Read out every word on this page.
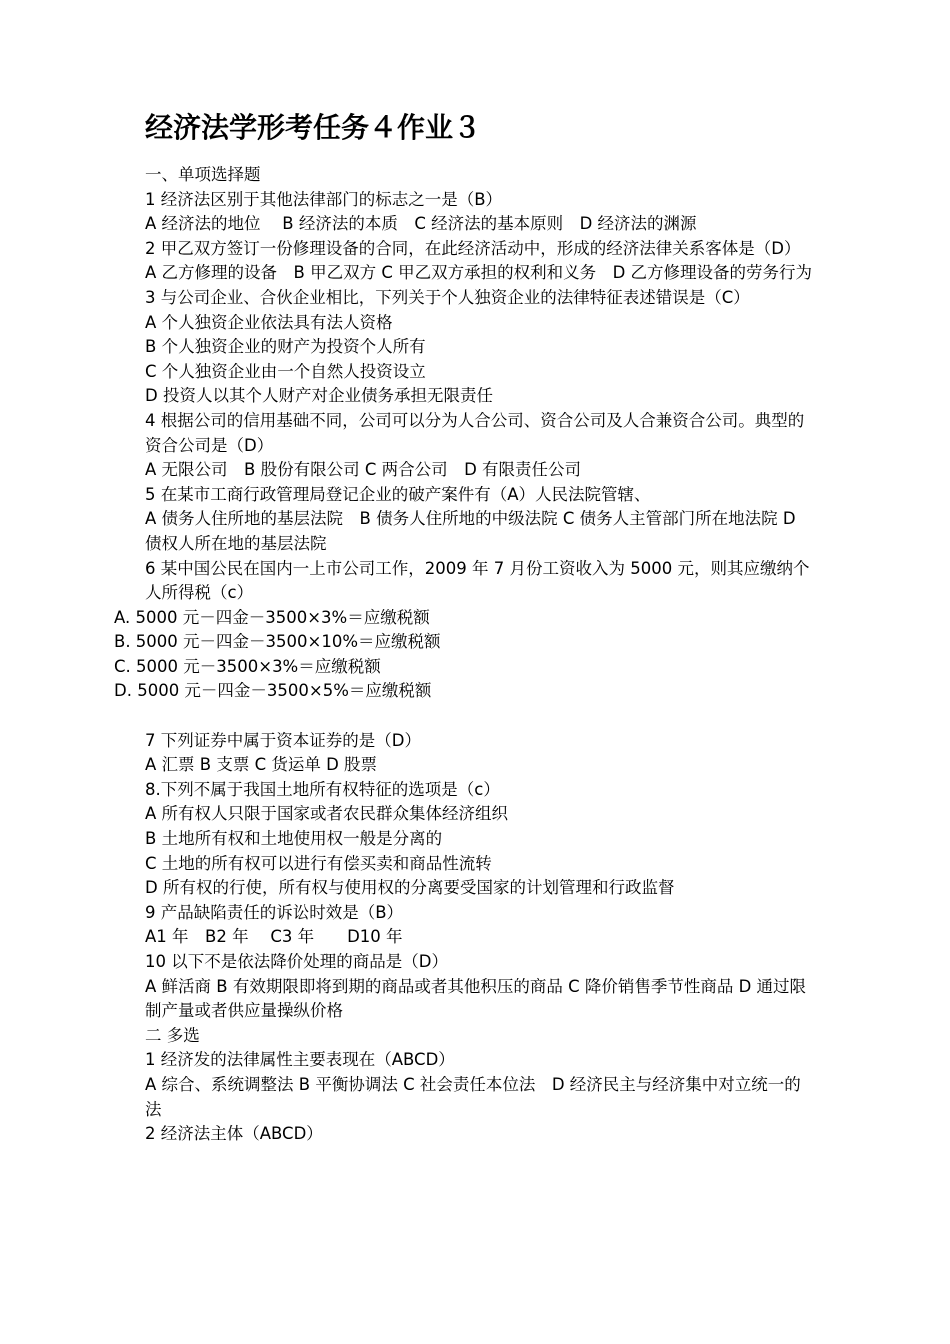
经济法学形考任务４作业３
一、单项选择题
1 经济法区别于其他法律部门的标志之一是（B）
A 经济法的地位　 B 经济法的本质　C 经济法的基本原则　D 经济法的渊源
2 甲乙双方签订一份修理设备的合同，在此经济活动中，形成的经济法律关系客体是（D）
A 乙方修理的设备　B 甲乙双方 C 甲乙双方承担的权利和义务　D 乙方修理设备的劳务行为
3 与公司企业、合伙企业相比，下列关于个人独资企业的法律特征表述错误是（C）
A 个人独资企业依法具有法人资格
B 个人独资企业的财产为投资个人所有
C 个人独资企业由一个自然人投资设立
D 投资人以其个人财产对企业债务承担无限责任
4 根据公司的信用基础不同，公司可以分为人合公司、资合公司及人合兼资合公司。典型的资合公司是（D）
A 无限公司　B 股份有限公司 C 两合公司　D 有限责任公司
5 在某市工商行政管理局登记企业的破产案件有（A）人民法院管辖、
A 债务人住所地的基层法院　B 债务人住所地的中级法院 C 债务人主管部门所在地法院 D 债权人所在地的基层法院
6 某中国公民在国内一上市公司工作，2009 年 7 月份工资收入为 5000 元，则其应缴纳个人所得税（c）
A. 5000 元－四金－3500×3%＝应缴税额
B. 5000 元－四金－3500×10%＝应缴税额
C. 5000 元－3500×3%＝应缴税额
D. 5000 元－四金－3500×5%＝应缴税额
7 下列证券中属于资本证券的是（D）
A 汇票 B 支票 C 货运单 D 股票
8.下列不属于我国土地所有权特征的选项是（c）
A 所有权人只限于国家或者农民群众集体经济组织
B 土地所有权和土地使用权一般是分离的
C 土地的所有权可以进行有偿买卖和商品性流转
D 所有权的行使，所有权与使用权的分离要受国家的计划管理和行政监督
9 产品缺陷责任的诉讼时效是（B）
A1 年　B2 年　 C3 年　　D10 年
10 以下不是依法降价处理的商品是（D）
A 鲜活商 B 有效期限即将到期的商品或者其他积压的商品 C 降价销售季节性商品 D 通过限制产量或者供应量操纵价格
二 多选
1 经济发的法律属性主要表现在（ABCD）
A 综合、系统调整法 B 平衡协调法 C 社会责任本位法　D 经济民主与经济集中对立统一的法
2 经济法主体（ABCD）
